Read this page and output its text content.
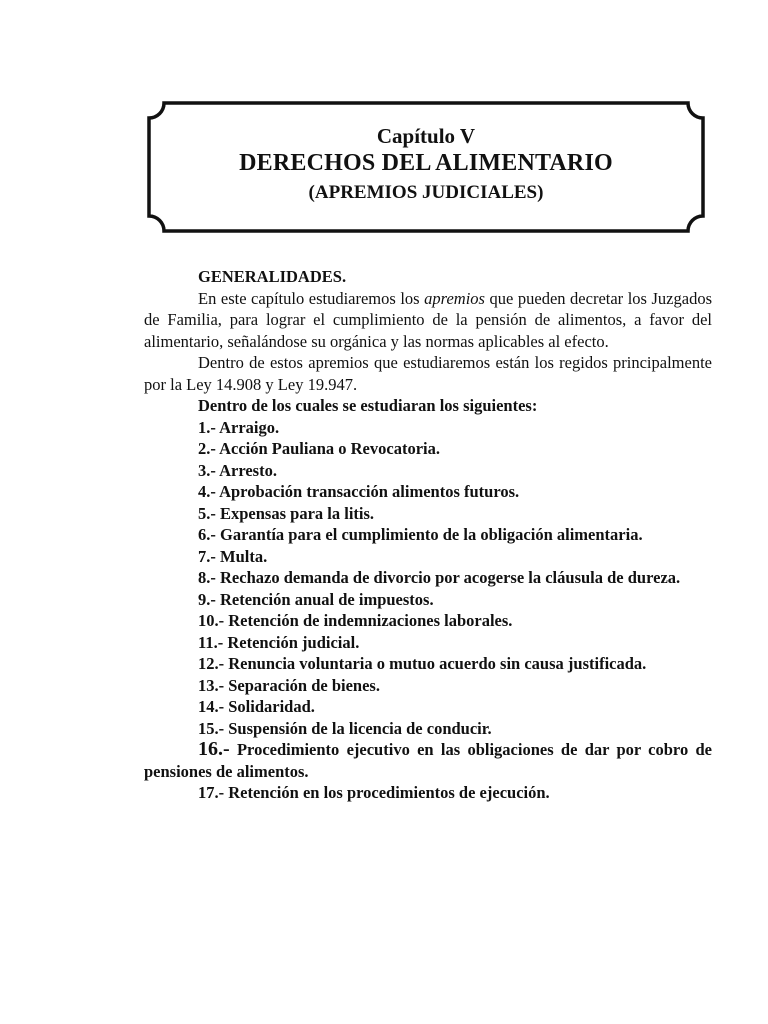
Capítulo V
DERECHOS DEL ALIMENTARIO
(APREMIOS JUDICIALES)

GENERALIDADES.

En este capítulo estudiaremos los apremios que pueden decretar los Juzgados de Familia, para lograr el cumplimiento de la pensión de alimentos, a favor del alimentario, señalándose su orgánica y las normas aplicables al efecto.

Dentro de estos apremios que estudiaremos están los regidos principalmente por la Ley 14.908 y Ley 19.947.

Dentro de los cuales se estudiaran los siguientes:

1.- Arraigo.

2.- Acción Pauliana o Revocatoria.

3.- Arresto.

4.- Aprobación transacción alimentos futuros.

5.- Expensas para la litis.

6.- Garantía para el cumplimiento de la obligación alimentaria.

7.- Multa.

8.- Rechazo demanda de divorcio por acogerse la cláusula de dureza.

9.- Retención anual de impuestos.

10.- Retención de indemnizaciones laborales.

11.- Retención judicial.

12.- Renuncia voluntaria o mutuo acuerdo sin causa justificada.

13.- Separación de bienes.

14.- Solidaridad.

15.- Suspensión de la licencia de conducir.

16.- Procedimiento ejecutivo en las obligaciones de dar por cobro de pensiones de alimentos.

17.- Retención en los procedimientos de ejecución.
